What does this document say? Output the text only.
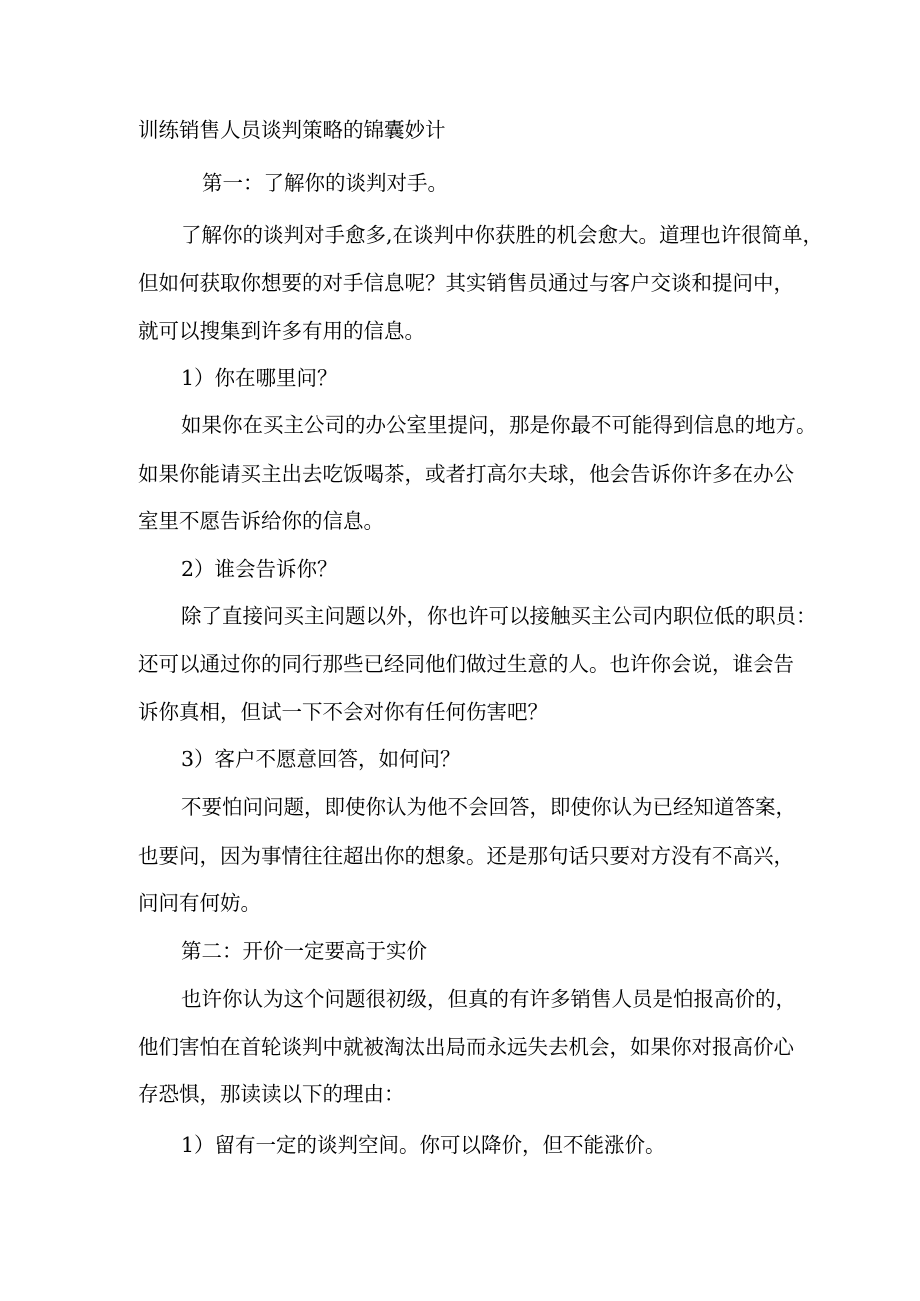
训练销售人员谈判策略的锦囊妙计
第一：了解你的谈判对手。
了解你的谈判对手愈多,在谈判中你获胜的机会愈大。道理也许很简单，
但如何获取你想要的对手信息呢？其实销售员通过与客户交谈和提问中，
就可以搜集到许多有用的信息。
1）你在哪里问？
如果你在买主公司的办公室里提问，那是你最不可能得到信息的地方。
如果你能请买主出去吃饭喝茶，或者打高尔夫球，他会告诉你许多在办公
室里不愿告诉给你的信息。
2）谁会告诉你？
除了直接问买主问题以外，你也许可以接触买主公司内职位低的职员：
还可以通过你的同行那些已经同他们做过生意的人。也许你会说，谁会告
诉你真相，但试一下不会对你有任何伤害吧？
3）客户不愿意回答，如何问？
不要怕问问题，即使你认为他不会回答，即使你认为已经知道答案，
也要问，因为事情往往超出你的想象。还是那句话只要对方没有不高兴，
问问有何妨。
第二：开价一定要高于实价
也许你认为这个问题很初级，但真的有许多销售人员是怕报高价的，
他们害怕在首轮谈判中就被淘汰出局而永远失去机会，如果你对报高价心
存恐惧，那读读以下的理由：
1）留有一定的谈判空间。你可以降价，但不能涨价。
